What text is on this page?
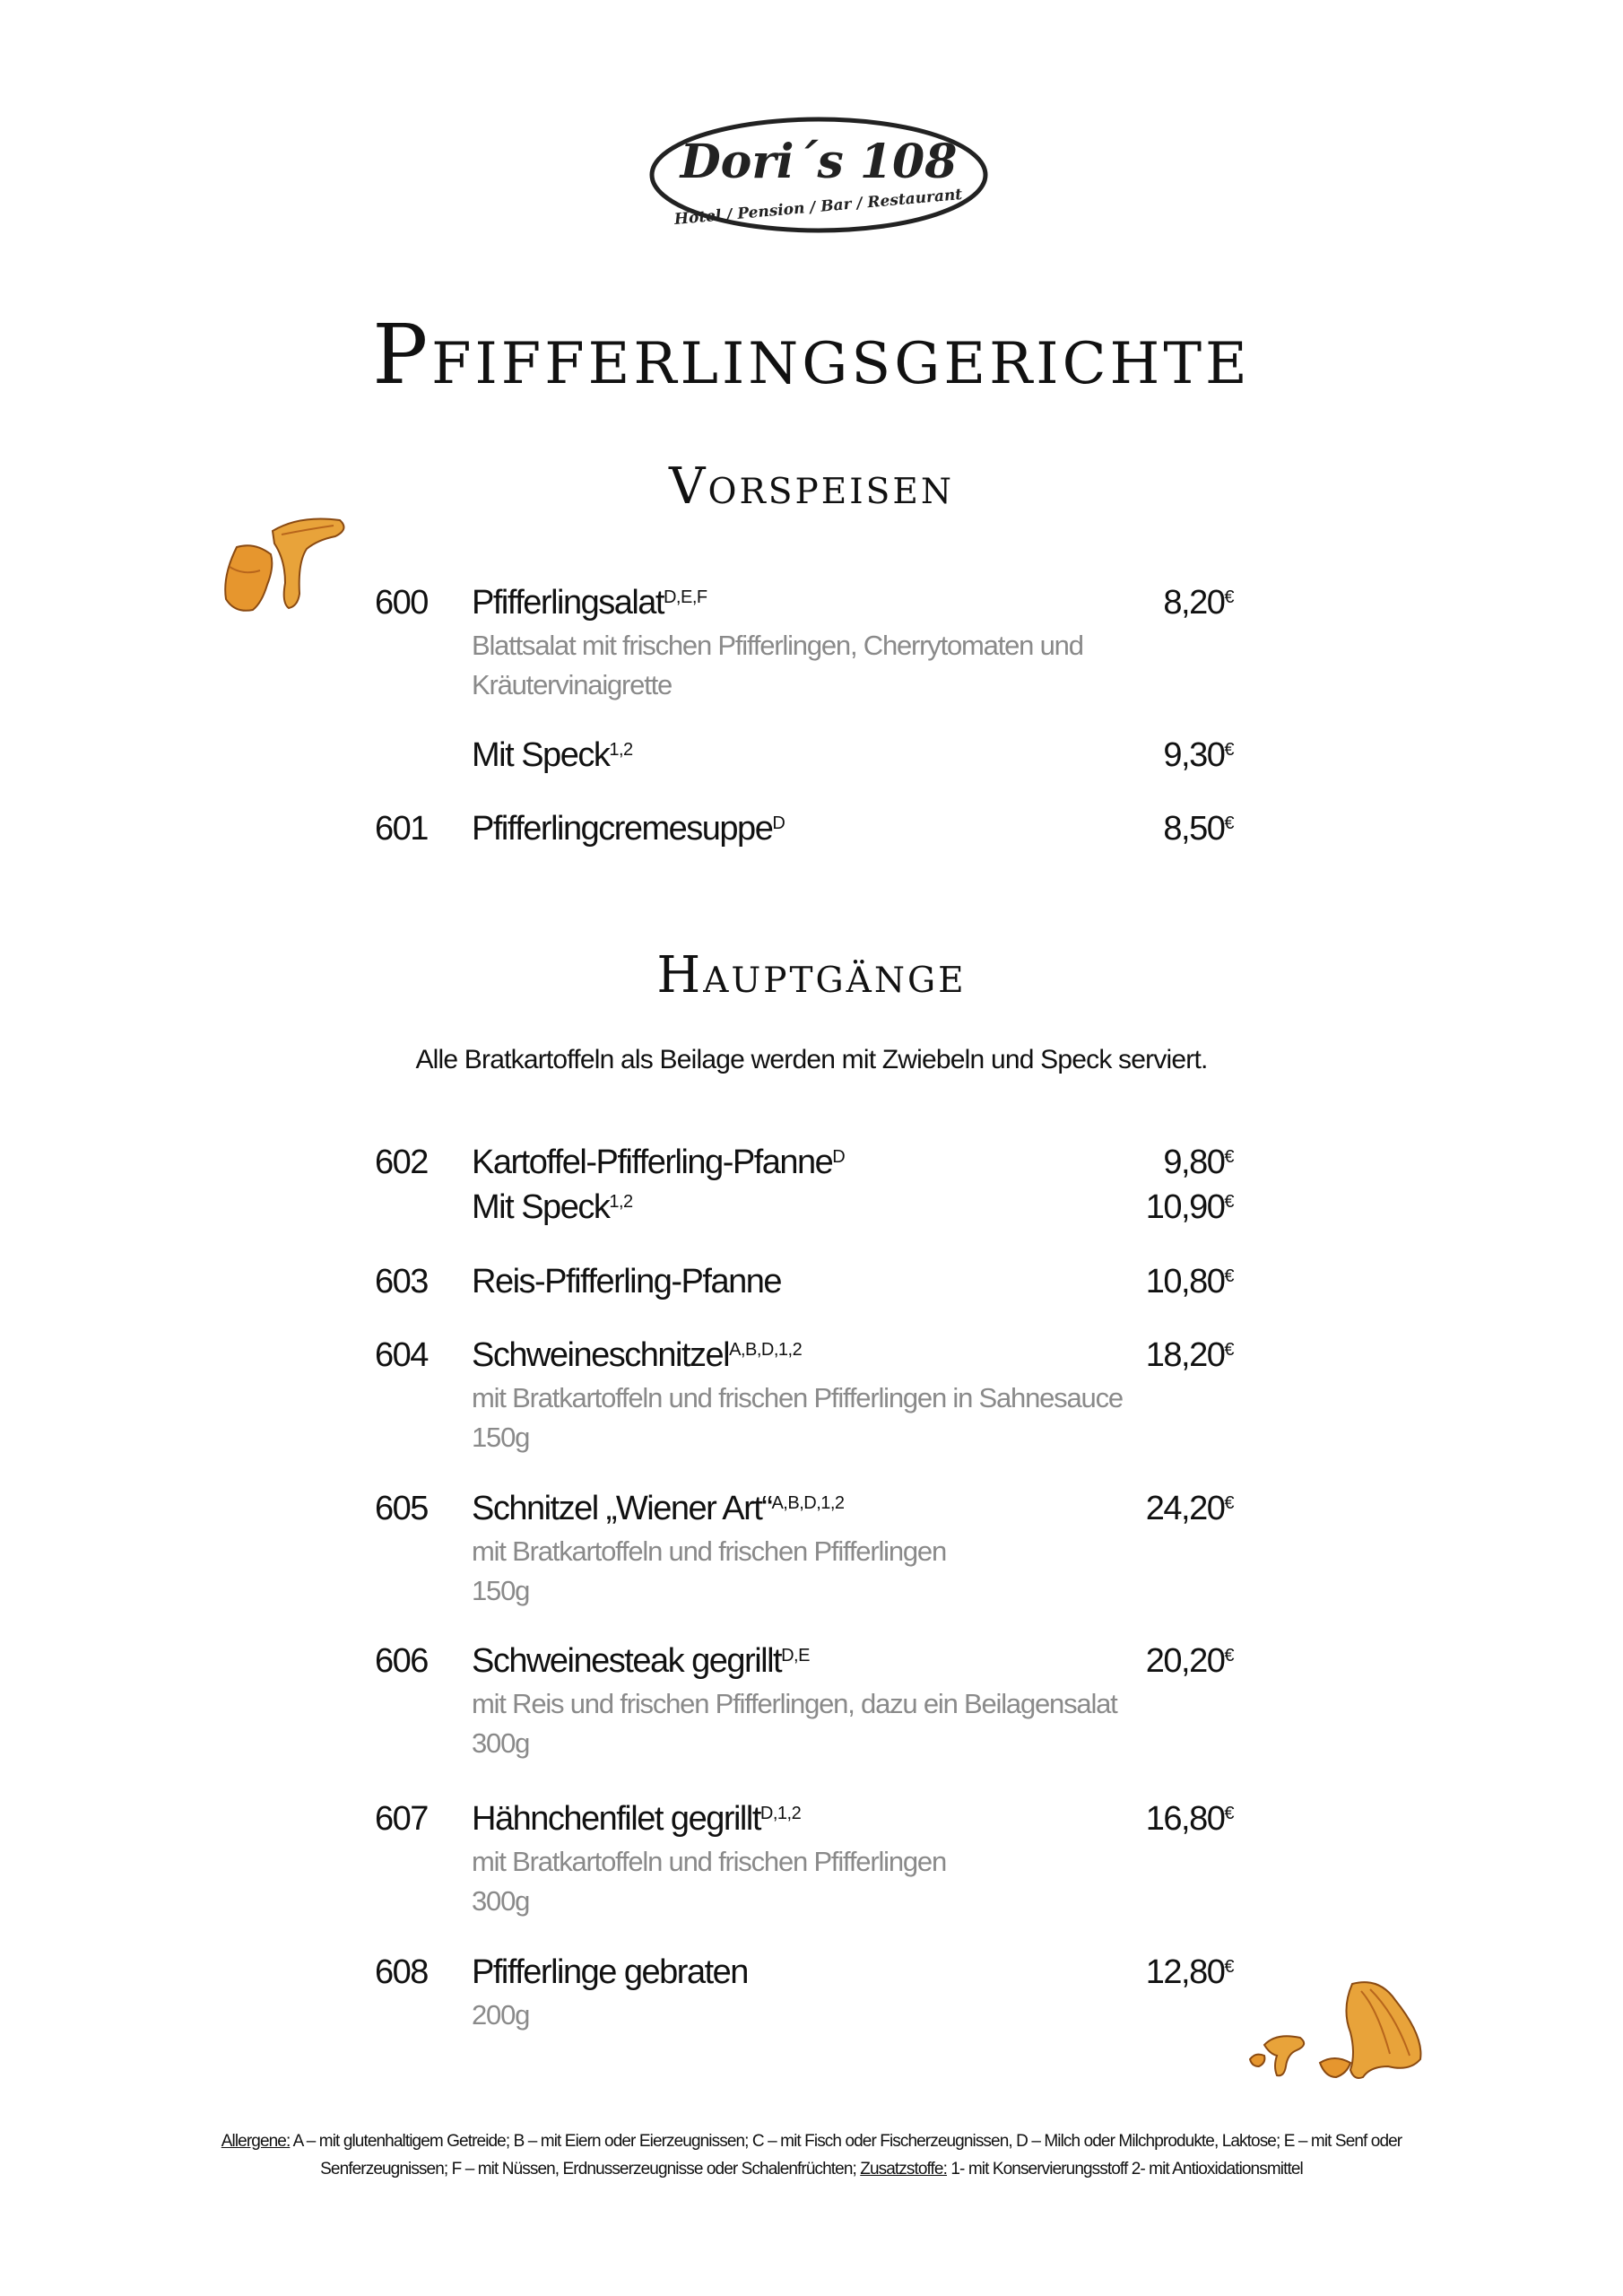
Dori´s 108
Hotel / Pension / Bar / Restaurant
Pfifferlingsgerichte
Vorspeisen
600 Pfifferlingsalat$^{D,E,F}$	8,20€
Blattsalat mit frischen Pfifferlingen, Cherrytomaten und
Kräutervinaigrette
Mit Speck$^{1,2}$	9,30€
601 Pfifferlingcremesuppe$^D$	8,50€
Hauptgänge
Alle Bratkartoffeln als Beilage werden mit Zwiebeln und Speck serviert.
602 Kartoffel-Pfifferling-Pfanne$^D$	9,80€
Mit Speck$^{1,2}$	10,90€
603 Reis-Pfifferling-Pfanne	10,80€
604 Schweineschnitzel$^{A,B,D,1,2}$	18,20€
mit Bratkartoffeln und frischen Pfifferlingen in Sahnesauce
150g
605 Schnitzel „Wiener Art“$^{A,B,D,1,2}$	24,20€
mit Bratkartoffeln und frischen Pfifferlingen
150g
606 Schweinesteak gegrillt$^{D,E}$	20,20€
mit Reis und frischen Pfifferlingen, dazu ein Beilagensalat
300g
607 Hähnchenfilet gegrillt$^{D,1,2}$	16,80€
mit Bratkartoffeln und frischen Pfifferlingen
300g
608 Pfifferlinge gebraten	12,80€
200g
Allergene: A – mit glutenhaltigem Getreide; B – mit Eiern oder Eierzeugnissen; C – mit Fisch oder Fischerzeugnissen, D – Milch oder Milchprodukte, Laktose; E – mit Senf oder Senferzeugnissen; F – mit Nüssen, Erdnusserzeugnisse oder Schalenfrüchten; Zusatzstoffe: 1- mit Konservierungsstoff 2- mit Antioxidationsmittel
